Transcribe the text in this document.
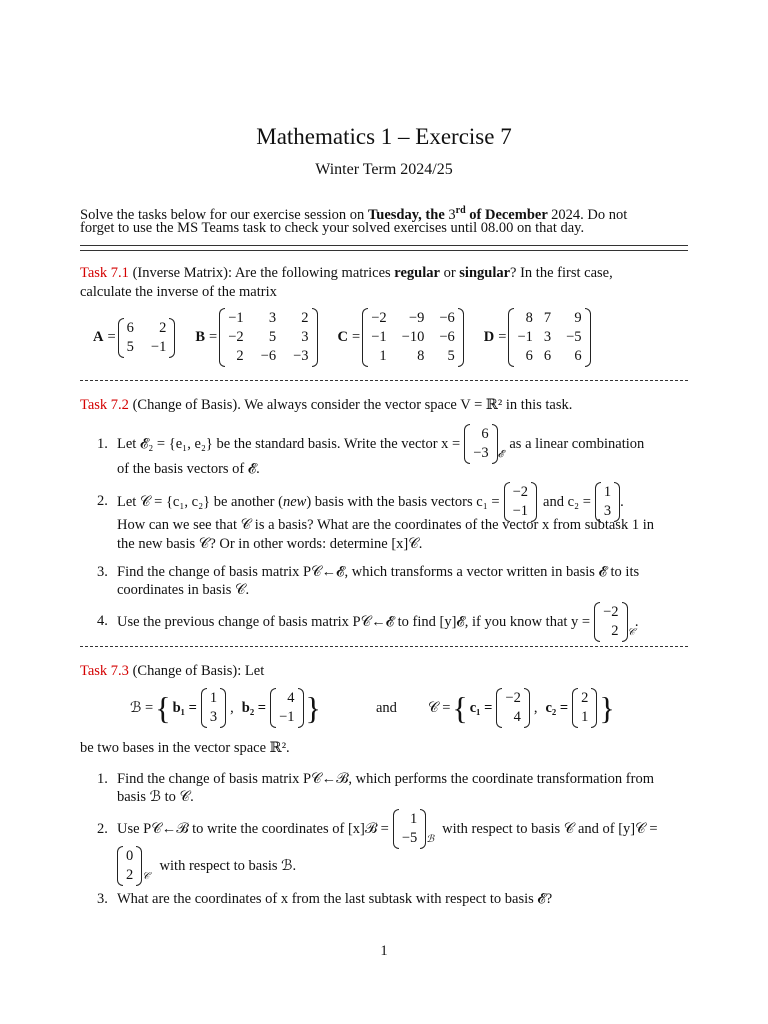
Mathematics 1 – Exercise 7
Winter Term 2024/25
Solve the tasks below for our exercise session on Tuesday, the 3rd of December 2024. Do not
forget to use the MS Teams task to check your solved exercises until 08.00 on that day.
Task 7.1 (Inverse Matrix): Are the following matrices regular or singular? In the first case,
calculate the inverse of the matrix
A =
6	2
5	−1
B =
−1	3	2
−2	5	3
2	−6	−3
C =
−2	−9	−6
−1	−10	−6
1	8	5
D =
8	7	9
−1	3	−5
6	6	6
Task 7.2 (Change of Basis). We always consider the vector space V = ℝ² in this task.
1. Let 𝓔₂ = {e₁, e₂} be the standard basis. Write the vector x =
6
−3 𝓔
as a linear combination
of the basis vectors of 𝓔.
2. Let 𝒞 = {c₁, c₂} be another ( new ) basis with the basis vectors c₁ =
−2
−1
and c₂ =
1
3
.
How can we see that 𝒞 is a basis? What are the coordinates of the vector x from subtask 1 in
the new basis 𝒞? Or in other words: determine [x]𝒞.
3. Find the change of basis matrix P𝒞←𝓔, which transforms a vector written in basis 𝓔 to its
coordinates in basis 𝒞.
4. Use the previous change of basis matrix P𝒞←𝓔 to find [y]𝓔, if you know that y =
−2
2 𝒞
.
Task 7.3 (Change of Basis): Let
ℬ = { b₁ =
1
3
, b₂ =
4
−1 }	and 𝒞 = { c₁ =
−2
4
, c₂ =
2
1 }
be two bases in the vector space ℝ².
1. Find the change of basis matrix P𝒞←ℬ, which performs the coordinate transformation from
basis ℬ to 𝒞.
2. Use P𝒞←ℬ to write the coordinates of [x]ℬ =
1
−5 ℬ
with respect to basis 𝒞 and of [y]𝒞 =
0
2 𝒞
with respect to basis ℬ.
3. What are the coordinates of x from the last subtask with respect to basis 𝓔?
1
